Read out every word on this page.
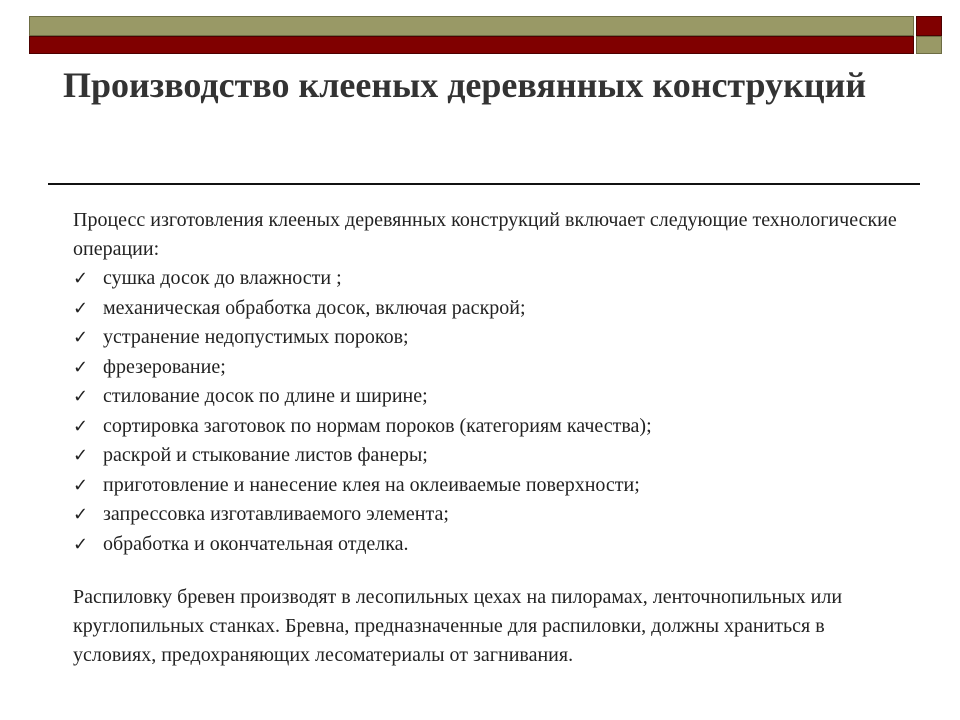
Производство клееных деревянных конструкций

Процесс изготовления клееных деревянных конструкций включает следующие технологические операции:

✓ сушка досок до влажности ;
✓ механическая обработка досок, включая раскрой;
✓ устранение недопустимых пороков;
✓ фрезерование;
✓ стилование досок по длине и ширине;
✓ сортировка заготовок по нормам пороков (категориям качества);
✓ раскрой и стыкование листов фанеры;
✓ приготовление и нанесение клея на оклеиваемые поверхности;
✓ запрессовка изготавливаемого элемента;
✓ обработка и окончательная отделка.

Распиловку бревен производят в лесопильных цехах на пилорамах, ленточнопильных или круглопильных станках. Бревна, предназначенные для распиловки, должны храниться в условиях, предохраняющих лесоматериалы от загнивания.
